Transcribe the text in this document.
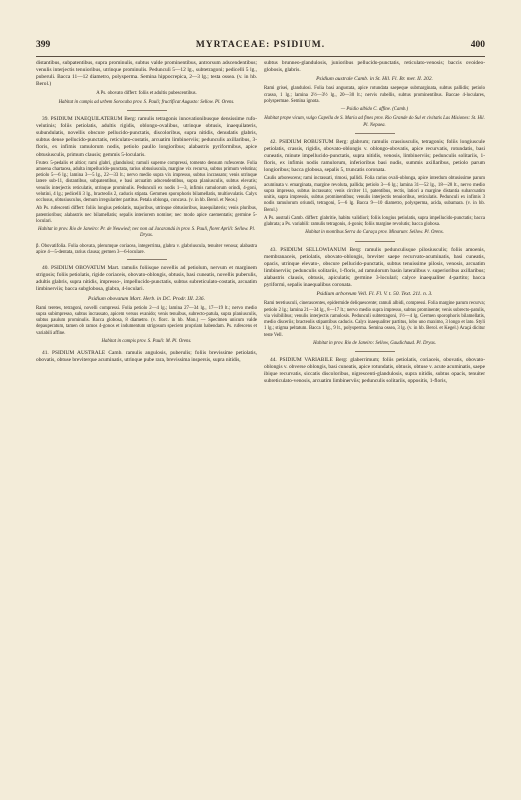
399	MYRTACEAE: PSIDIUM.	400

distantibus, subpatentibus, supra prominulis, subtus valde prominentibus, antrorsum adscendentibus; venulis interjectis tenuioribus, utrinque prominulis. Pedunculi 5—12 lg., subtetragoni; pedicelli 5 lg., puberuli. Bacca 11—12 diametro, polysperma. Semina hippocrepica, 2—3 lg.; testa ossea. (v. in hb. Berol.)

A Ps. obovato differt: foliis et adultis pubescentibus.

Habitat in campis ad urbem Sorocaba prov. S. Pauli; fructificat Augusto: Sellow. Pl. Orens.

39. PSIDIUM INAEQUILATERUM Berg: ramulis tetragonis innovationibusque densissime rufo-velutinis; foliis petiolatis, adultis rigidis, oblongo-ovalibus, utrinque obtusis, inaequilateris, subundulatis, novellis obscure pellucido-punctatis, discoloribus, supra nitidis, denudatis glabris, subtus dense pellucido-punctatis, reticulato-costatis, arcuatim limbinerviis; pedunculis axillaribus, 3-floris, ex infimis ramulorum nodis, petiolo paullo longioribus; alabastris pyriformibus, apice obtusiusculis, primum clausis; gemmis 5-locularis.

Frutex 5-pedalis et altior; rami glabri, glandulosi; ramuli superne compressi, tomento densum rufescente. Folia amoena chartacea, adulta impellucido-punctata, rarius obtusiuscula, margine vix recurva, subtus primum velutina; petiolo 5—6 lg.; lamina 3—5 lg., 22—33 lt.; nervo medio supra vix impresso, subtus incrassato; venis utrinque latere sub-11, distantibus, subpatentibus, e basi arcuatim adscendentibus, supra planiusculis, subtus elevatis; venulis interjectis reticulatis, utrinque prominulis. Pedunculi ex nodis 1—3, infimis ramulorum orindi, 4-goni, velutini, 4 lg.; pedicelli 3 lg., bracteolis 2, caducis stipata. Gemmen sporophoris bilamellatis, multiovulatis. Calyx occlusus, obtusiusculus, demum irregulariter partitus. Petala oblonga, concava. (v. in hb. Berol. et Neos.)

Ab Ps. rufescenti differt: foliis longius petiolatis, majoribus, utrinque obtusioribus, inaequilateris; venis pluribus, patentioribus; alabastris nec bilamellatis; sepalis interiorem nomine; nec modo apice caementatis; germine 5-loculari.

Habitat in prov. Rio de Janeiro: Pr. de Neuwied; nec non ad Jacarandú in prov. S. Pauli, floret Aprili: Sellow. Pl. Dryas.

β. Obovatifolia. Folia obovata, plerumque coriacea, integerrima, glabra v. glabriuscula, tenuiter venosa; alabastra apice 4—5-dentata, rarius clausa; germen 3—6-loculare.

40. PSIDIUM OBOVATUM Mart. ramulis foliisque novellis ad petiolum, nervum et marginem strigosis; foliis petiolatis, rigide coriaceis, obovato-oblongis, obtusis, basi cuneatis, novellis puberulis, adultis glabris, supra nitidis, impresso-, impellucido-punctatis, subtus subreticulato-costatis, arcuatim limbinerviis; bacca subglobosa, glabra, 4-loculari.

Psidium obovatum Mart. Herb. in DC. Prodr. III. 236.

Rami teretes, tetragoni, novelli compressi. Folia petiolo 2—4 lg.; lamina 27—34 lg., 17—19 lt.; nervo medio supra subimpresso, subtus incrassato, apicem versus evanido; venis tenuibus, subrecto-patula, supra planiusculis, subtus paulum prominulis. Bacca globosa, 8 diametro. (v. florc. in hb. Mon.) — Specimen unicum valde depauperatum, tamen ob ramos 4-gonos et indumentum strigosum speciem propriam habendam. Ps. rufescens et variabili affine.

Habitat in campis prov. S. Pauli: M. Pl. Orens.

41. PSIDIUM AUSTRALE Camb. ramulis angulosis, puberulis; foliis brevissime petiolatis, obovatis, obtuse breviterque acuminatis, utrinque pube rara, brevissima inspersis, supra nitidis,

subtus brunneo-glandulosis, junioribus pellucido-punctatis, reticulato-venosis; baccis ovoideo-globosis, glabris.

Psidium australe Camb. in St. Hil. Fl. Br. mer. II. 202.

Rami grisei, glandulosi. Folia basi angustata, apice rotundata saepeque submarginata, subtus pallidis; petiolo crasso, 1 lg.; lamina 2½—3½ lg., 20—30 lt.; nervis rubellis, subtus prominentibus. Baccae 4-loculares, polyspermae. Semina ignota.

— Psidio albido C. affine. (Camb.)

Habitat prope vicum, vulgo Capella de S. Maria ad fines prov. Rio Grande do Sul et civitatis Las Misiones: St. Hil. Pl. Nepaea.

42. PSIDIUM ROBUSTUM Berg: glabrum; ramulis crassiusculis, tetragonis; foliis longiuscule petiolatis, crassis, rigidis, obovato-oblongis v. oblongo-obovatis, apice recurvatis, rotundatis, basi cuneatis, minute impellucido-punctatis, supra nitidis, venosis, limbinerviis; pedunculis solitariis, 1-floris, ex infimis nodis ramulorum, inferioribus basi nudis, summis axillaribus, petiolo parum longioribus; bacca globosa, sepalis 5, truncatis coronata.

Caulis arborescens; rami incrassati, rimosi, pallidi. Folia rarius ovali-oblonga, apice interdum obtusissime parum acuminata v. emarginata, margine revoluta, pallida; petiolo 3—6 lg.; lamina 31—52 lg., 18—28 lt., nervo medio supra impresso, subtus incrassato; venis circiter 11, patentibus, rectis, latiori a margine distantia subarcuatim unitis, supra impressis, subtus prominentibus; venulis interjectis tenuioribus, reticulatis. Pedunculi ex infimis 3 nodis ramulorum oriundi, tetragoni, 5—6 lg. Bacca 9—10 diametro, polysperma, acida, subamara. (v. in hb. Berol.)

A Ps. australi Camb. differt: glabritie, habitu validiori; foliis longius petiolatis, supra impellucido-punctatis; bacca glabrata; a Ps. variabili: ramulis tetragonis, 4-gonis; foliis margine revolutis; bacca globosa.

Habitat in montibus Serra do Caraça prov. Minarum: Sellow. Pl. Orens.

43. PSIDIUM SELLOWIANUM Berg: ramulis pedunculisque pilosiusculis; foliis amoenis, membranaceis, petiolatis, obovato-oblongis, breviter saepe recurvato-acuminatis, basi cuneatis, opacis, utrinque elevato-, obscure pellucido-punctatis, subtus tenuissime pilosis, venosis, arcuatim limbinerviis; pedunculis solitariis, 1-floris, ad ramulorum basin lateralibus v. superioribus axillaribus; alabastris clausis, obtusis, apiculatis; germine 3-loculari; calyce inaequaliter 4-partito; bacca pyriformi, sepalis inaequalibus coronata.

Psidium arboreum Vell. Fl. Fl. V. t. 50. Text. 211. n. 3.

Rami teretiusculi, cinerascentes, epidermide deliquescente; ramuli albidi, compressi. Folia margine parum recurva; petiolo 2 lg.; lamina 21—34 lg., 8—17 lt.; nervo medio supra impresso, subtus prominente; venis subrecto-patulis, via visibilibus; venulis interjectis ramulosis. Pedunculi subtetragoni, 1½—4 lg. Germen sporophoris bilamellatis, medio disceriis; bracteolis stipantibus caducis. Calyx inaequaliter partitus, lobo uno maximo, 3 longo et lato. Styli 1 lg.; stigma peltatum. Bacca 1 lg., 9 lt., polysperma. Semina ossea, 3 lg. (v. in hb. Berol. et Kegel.) Araçá dicitur teste Vell.

Habitat in prov. Rio de Janeiro: Sellow, Gaudichaud. Pl. Dryas.

44. PSIDIUM VARIABILE Berg: glaberrimum; foliis petiolatis, coriaceis, obovatis, obovato-oblongis v. obverse oblongis, basi cuneatis, apice rotundatis, obtusis, obtuse v. acute acuminatis, saepe ibique recurvatis, siccatis discoloribus, nigrescenti-glandulosis, supra nitidis, subtus opacis, tenuiter subreticulato-venosis, arcuatim limbinerviis; pedunculis solitariis, oppositis, 1-floris,
